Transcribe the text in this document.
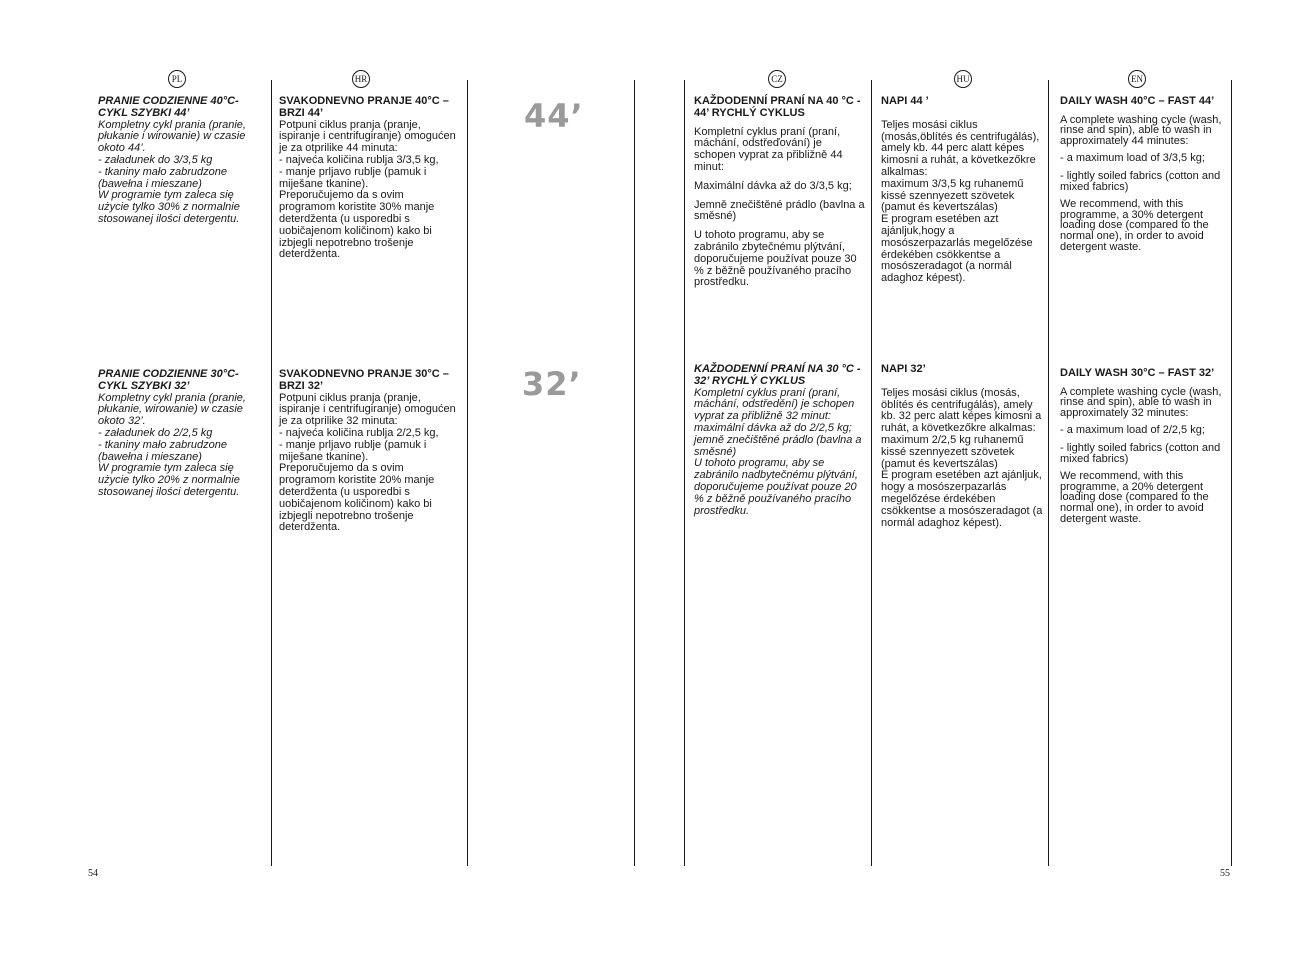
PL	HR	CZ	HU	EN
44’
32’

PRANIE CODZIENNE 40°C- CYKL SZYBKI 44’

Kompletny cykl prania (pranie, płukanie i wirowanie) w czasie okoto 44’.

- załadunek do 3/3,5 kg

- tkaniny mało zabrudzone (bawełna i mieszane)

W programie tym zaleca się użycie tylko 30% z normalnie stosowanej ilości detergentu.

PRANIE CODZIENNE 30°C- CYKL SZYBKI 32’

Kompletny cykl prania (pranie, płukanie, wirowanie) w czasie okoto 32’.

- załadunek do 2/2,5 kg

- tkaniny mało zabrudzone (bawełna i mieszane)

W programie tym zaleca się użycie tylko 20% z normalnie stosowanej ilości detergentu.

SVAKODNEVNO PRANJE 40°C – BRZI 44’

Potpuni ciklus pranja (pranje, ispiranje i centrifugiranje) omogućen je za otprilike 44 minuta:

- najveća količina rublja 3/3,5 kg,

- manje prljavo rublje (pamuk i miješane tkanine).

Preporučujemo da s ovim programom koristite 30% manje deterdženta (u usporedbi s uobičajenom količinom) kako bi izbjegli nepotrebno trošenje deterdženta.

SVAKODNEVNO PRANJE 30°C – BRZI 32’

Potpuni ciklus pranja (pranje, ispiranje i centrifugiranje) omogućen je za otprilike 32 minuta:

- najveća količina rublja 2/2,5 kg,

- manje prljavo rublje (pamuk i miješane tkanine).

Preporučujemo da s ovim programom koristite 20% manje deterdženta (u usporedbi s uobičajenom količinom) kako bi izbjegli nepotrebno trošenje deterdženta.

KAŽDODENNÍ PRANÍ NA 40 °C - 44’ RYCHLÝ CYKLUS

Kompletní cyklus praní (praní, máchání, odstřeďování) je schopen vyprat za přibližně 44 minut:

Maximální dávka až do 3/3,5 kg;

Jemně znečištěné prádlo (bavlna a směsné)

U tohoto programu, aby se zabránilo zbytečnému plýtvání, doporučujeme používat pouze 30 % z běžně používaného pracího prostředku.

KAŽDODENNÍ PRANÍ NA 30 °C - 32’ RYCHLÝ CYKLUS

Kompletní cyklus praní (praní, máchání, odstředění) je schopen vyprat za přibližně 32 minut:

maximální dávka až do 2/2,5 kg;

jemně znečištěné prádlo (bavlna a směsné)

U tohoto programu, aby se zabránilo nadbytečnému plýtvání, doporučujeme používat pouze 20 % z běžně používaného pracího prostředku.

NAPI 44 ’

Teljes mosási ciklus (mosás,öblítés és centrifugálás), amely kb. 44 perc alatt képes kimosni a ruhát, a következőkre alkalmas:

maximum 3/3,5 kg ruhanemű

kissé szennyezett szövetek (pamut és kevertszálas)

E program esetében azt ajánljuk,hogy a mosószerpazarlás megelőzése érdekében csökkentse a mosószeradagot (a normál adaghoz képest).

NAPI 32’

Teljes mosási ciklus (mosás, öblítés és centrifugálás), amely kb. 32 perc alatt képes kimosni a ruhát, a következőkre alkalmas:

maximum 2/2,5 kg ruhanemű

kissé szennyezett szövetek (pamut és kevertszálas)

E program esetében azt ajánljuk, hogy a mosószerpazarlás megelőzése érdekében csökkentse a mosószeradagot (a normál adaghoz képest).

DAILY WASH 40°C – FAST 44’

A complete washing cycle (wash, rinse and spin), able to wash in approximately 44 minutes:

- a maximum load of 3/3,5 kg;

- lightly soiled fabrics (cotton and mixed fabrics)

We recommend, with this programme, a 30% detergent loading dose (compared to the normal one), in order to avoid detergent waste.

DAILY WASH 30°C – FAST 32’

A complete washing cycle (wash, rinse and spin), able to wash in approximately 32 minutes:

- a maximum load of 2/2,5 kg;

- lightly soiled fabrics (cotton and mixed fabrics)

We recommend, with this programme, a 20% detergent loading dose (compared to the normal one), in order to avoid detergent waste.

54	55
